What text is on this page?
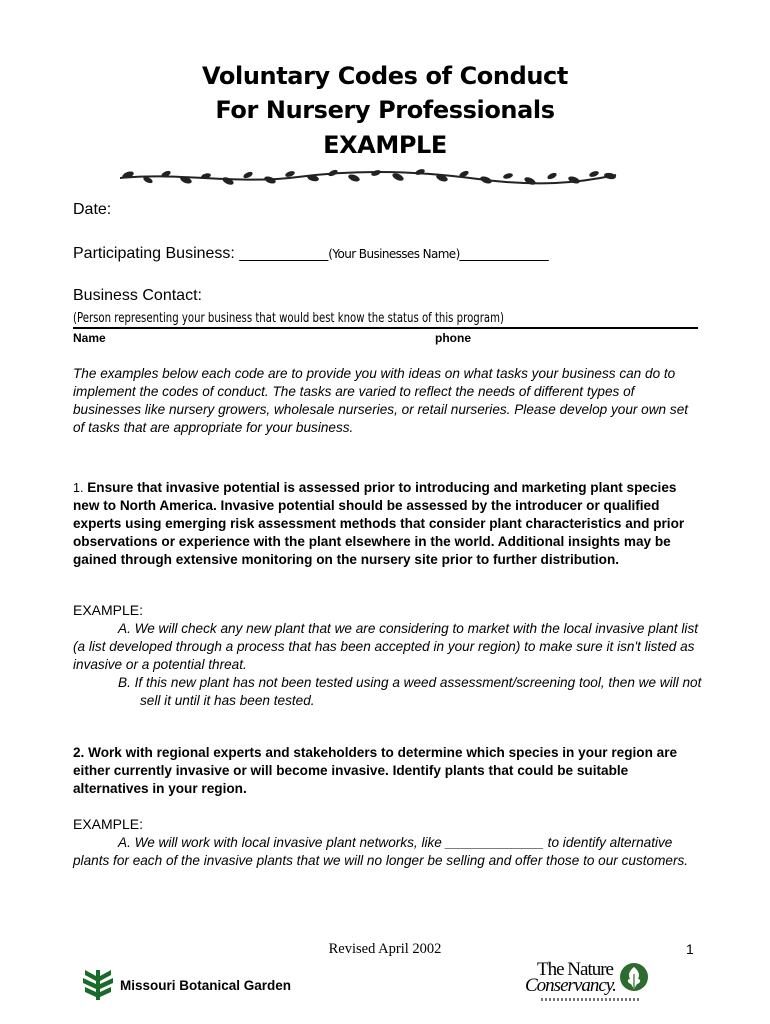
Voluntary Codes of Conduct
For Nursery Professionals
EXAMPLE
Date:
Participating Business: __________(Your Businesses Name)__________
Business Contact:
(Person representing your business that would best know the status of this program)
Name	phone
The examples below each code are to provide you with ideas on what tasks your business can do to implement the codes of conduct. The tasks are varied to reflect the needs of different types of businesses like nursery growers, wholesale nurseries, or retail nurseries. Please develop your own set of tasks that are appropriate for your business.
1. Ensure that invasive potential is assessed prior to introducing and marketing plant species new to North America. Invasive potential should be assessed by the introducer or qualified experts using emerging risk assessment methods that consider plant characteristics and prior observations or experience with the plant elsewhere in the world. Additional insights may be gained through extensive monitoring on the nursery site prior to further distribution.
EXAMPLE:
A. We will check any new plant that we are considering to market with the local invasive plant list (a list developed through a process that has been accepted in your region) to make sure it isn't listed as invasive or a potential threat.
B. If this new plant has not been tested using a weed assessment/screening tool, then we will not sell it until it has been tested.
2. Work with regional experts and stakeholders to determine which species in your region are either currently invasive or will become invasive. Identify plants that could be suitable alternatives in your region.
EXAMPLE:
A. We will work with local invasive plant networks, like _____________ to identify alternative plants for each of the invasive plants that we will no longer be selling and offer those to our customers.
Revised April 2002	1
Missouri Botanical Garden
The Nature
Conservancy.
